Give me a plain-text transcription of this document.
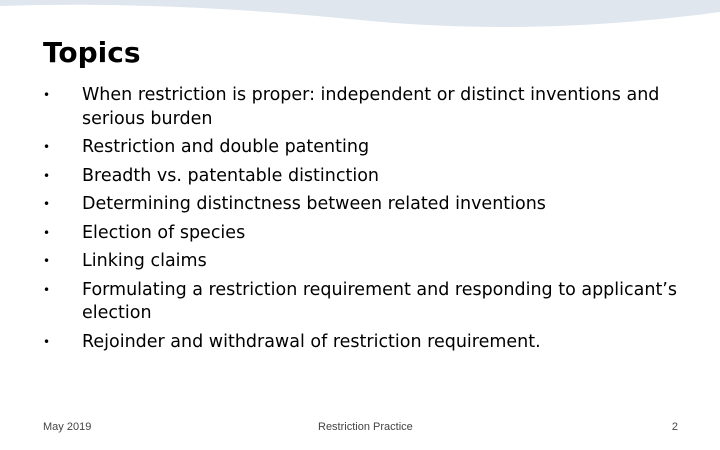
Topics
• When restriction is proper: independent or distinct inventions and serious burden
• Restriction and double patenting
• Breadth vs. patentable distinction
• Determining distinctness between related inventions
• Election of species
• Linking claims
• Formulating a restriction requirement and responding to applicant’s election
• Rejoinder and withdrawal of restriction requirement.
May 2019	Restriction Practice	2
